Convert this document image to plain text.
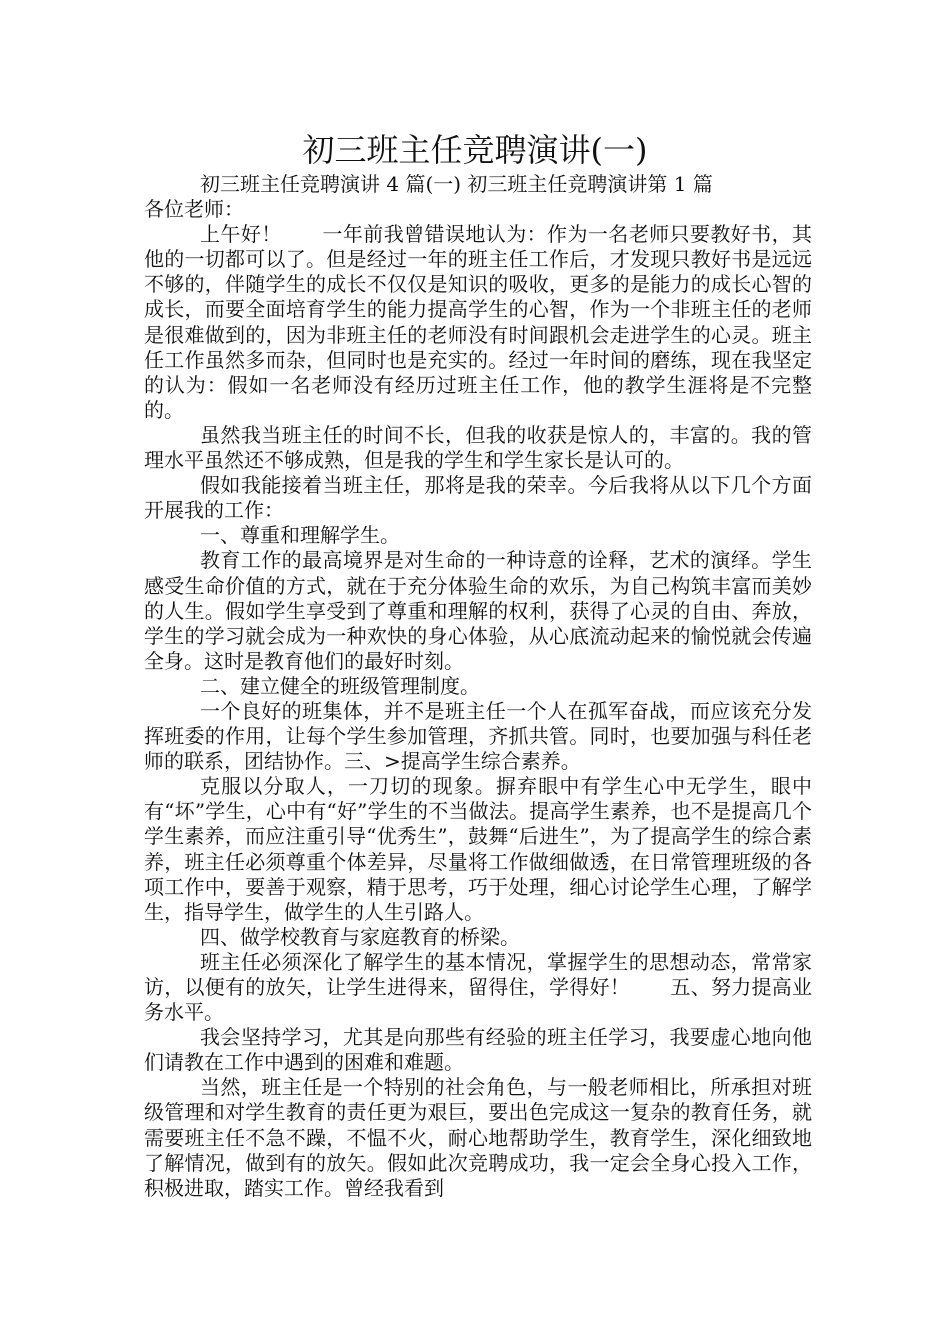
初三班主任竞聘演讲(一)

初三班主任竞聘演讲 4 篇(一) 初三班主任竞聘演讲第 1 篇

各位老师：

上午好！　　一年前我曾错误地认为：作为一名老师只要教好书，其他的一切都可以了。但是经过一年的班主任工作后，才发现只教好书是远远不够的，伴随学生的成长不仅仅是知识的吸收，更多的是能力的成长心智的成长，而要全面培育学生的能力提高学生的心智，作为一个非班主任的老师是很难做到的，因为非班主任的老师没有时间跟机会走进学生的心灵。班主任工作虽然多而杂，但同时也是充实的。经过一年时间的磨练，现在我坚定的认为：假如一名老师没有经历过班主任工作，他的教学生涯将是不完整的。

虽然我当班主任的时间不长，但我的收获是惊人的，丰富的。我的管理水平虽然还不够成熟，但是我的学生和学生家长是认可的。

假如我能接着当班主任，那将是我的荣幸。今后我将从以下几个方面开展我的工作：

一、尊重和理解学生。

教育工作的最高境界是对生命的一种诗意的诠释，艺术的演绎。学生感受生命价值的方式，就在于充分体验生命的欢乐，为自己构筑丰富而美妙的人生。假如学生享受到了尊重和理解的权利，获得了心灵的自由、奔放，学生的学习就会成为一种欢快的身心体验，从心底流动起来的愉悦就会传遍全身。这时是教育他们的最好时刻。

二、建立健全的班级管理制度。

一个良好的班集体，并不是班主任一个人在孤军奋战，而应该充分发挥班委的作用，让每个学生参加管理，齐抓共管。同时，也要加强与科任老师的联系，团结协作。三、>提高学生综合素养。

克服以分取人，一刀切的现象。摒弃眼中有学生心中无学生，眼中有“坏”学生，心中有“好”学生的不当做法。提高学生素养，也不是提高几个学生素养，而应注重引导“优秀生”，鼓舞“后进生”，为了提高学生的综合素养，班主任必须尊重个体差异，尽量将工作做细做透，在日常管理班级的各项工作中，要善于观察，精于思考，巧于处理，细心讨论学生心理，了解学生，指导学生，做学生的人生引路人。

四、做学校教育与家庭教育的桥梁。

班主任必须深化了解学生的基本情况，掌握学生的思想动态，常常家访，以便有的放矢，让学生进得来，留得住，学得好！　　五、努力提高业务水平。

我会坚持学习，尤其是向那些有经验的班主任学习，我要虚心地向他们请教在工作中遇到的困难和难题。

当然，班主任是一个特别的社会角色，与一般老师相比，所承担对班级管理和对学生教育的责任更为艰巨，要出色完成这一复杂的教育任务，就需要班主任不急不躁，不愠不火，耐心地帮助学生，教育学生，深化细致地了解情况，做到有的放矢。假如此次竞聘成功，我一定会全身心投入工作，积极进取，踏实工作。曾经我看到
